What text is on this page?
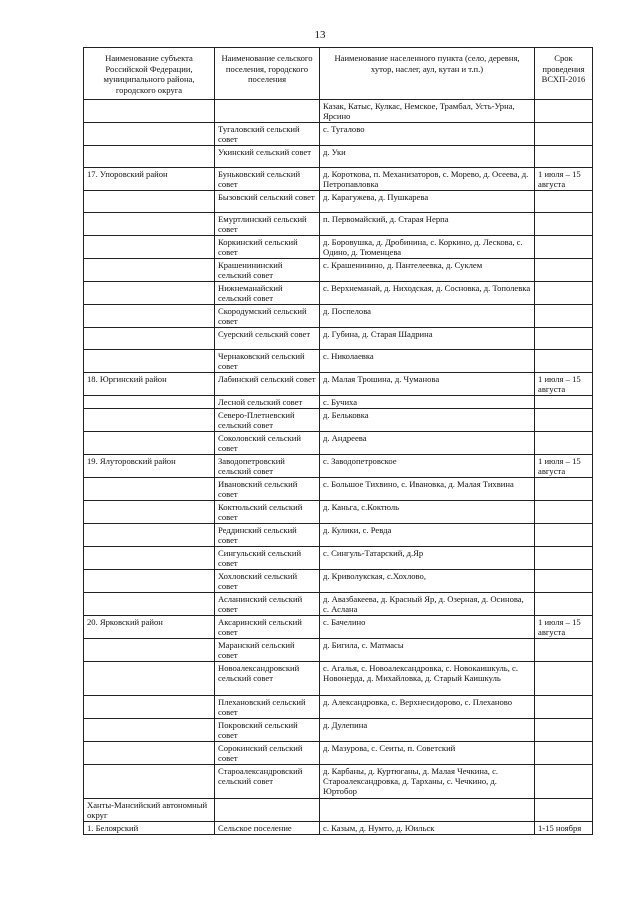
13
Наименование субъекта Российской Федерации, муниципального района, городского округа	Наименование сельского поселения, городского поселения	Наименование населенного пункта (село, деревня, хутор, наслег, аул, кутан и т.п.)	Срок проведения ВСХП-2016
		Казак, Катыс, Кулкас, Немское, Трамбал, Усть-Урна, Ярсино	
	Тугаловский сельский совет	с. Тугалово	
	Укинский сельский совет	д. Уки	
17. Упоровский район	Буньковский сельский совет	д. Короткова, п. Механизаторов, с. Морево, д. Осеева, д. Петропавловка	1 июля – 15 августа
	Бызовский сельский совет	д. Карагужева, д. Пушкарева	
	Емуртлинский сельский совет	п. Первомайский, д. Старая Нерпа	
	Коркинский сельский совет	д. Боровушка, д. Дробинина, с. Коркино, д. Лескова, с. Одино, д. Тюменцева	
	Крашенининский сельский совет	с. Крашенинино, д. Пантелеевка, д. Суклем	
	Нижнеманайский сельский совет	с. Верхнеманай, д. Ниходская, д. Сосновка, д. Тополевка	
	Скородумский сельский совет	д. Поспелова	
	Суерский сельский совет	д. Губина, д. Старая Шадрина	
	Чернаковский сельский совет	с. Николаевка	
18. Юргинский район	Лабинский сельский совет	д. Малая Трошина, д. Чуманова	1 июля – 15 августа
	Лесной сельский совет	с. Бучиха	
	Северо-Плетневский сельский совет	д. Бельковка	
	Соколовский сельский совет	д. Андреева	
19. Ялуторовский район	Заводопетровский сельский совет	с. Заводопетровское	1 июля – 15 августа
	Ивановский сельский совет	с. Большое Тихвино, с. Ивановка, д. Малая Тихвина	
	Коктюльский сельский совет	д. Каньга, с.Коктюль	
	Реддинский сельский совет	д. Кулики, с. Ревда	
	Сингульский сельский совет	с. Сингуль-Татарский, д.Яр	
	Хохловский сельский совет	д. Криволукская, с.Хохлово,	
	Асланинский сельский совет	д. Авазбакеева, д. Красный Яр, д. Озерная, д. Осинова, с. Асланa	
20. Ярковский район	Аксаринский сельский совет	с. Бачелино	1 июля – 15 августа
	Маранский сельский совет	д. Бигила, с. Матмасы	
	Новоалександровский сельский совет	с. Агалья, с. Новоалександровка, с. Новокаишкуль, с. Новонерда, д. Михайловка, д. Старый Каишкуль	
	Плехановский сельский совет	д. Александровка, с. Верхнесидорово, с. Плеханово	
	Покровский сельский совет	д. Дулепина	
	Сорокинский сельский совет	д. Мазурова, с. Сеиты, п. Советский	
	Староалександровский сельский совет	д. Карбаны, д. Куртюганы, д. Малая Чечкина, с. Староалександровка, д. Тарханы, с. Чечкино, д. Юртобор	
Ханты-Мансийский автономный округ			
1. Белоярский	Сельское поселение	с. Казым, д. Нумто, д. Юильск	1-15 ноября
